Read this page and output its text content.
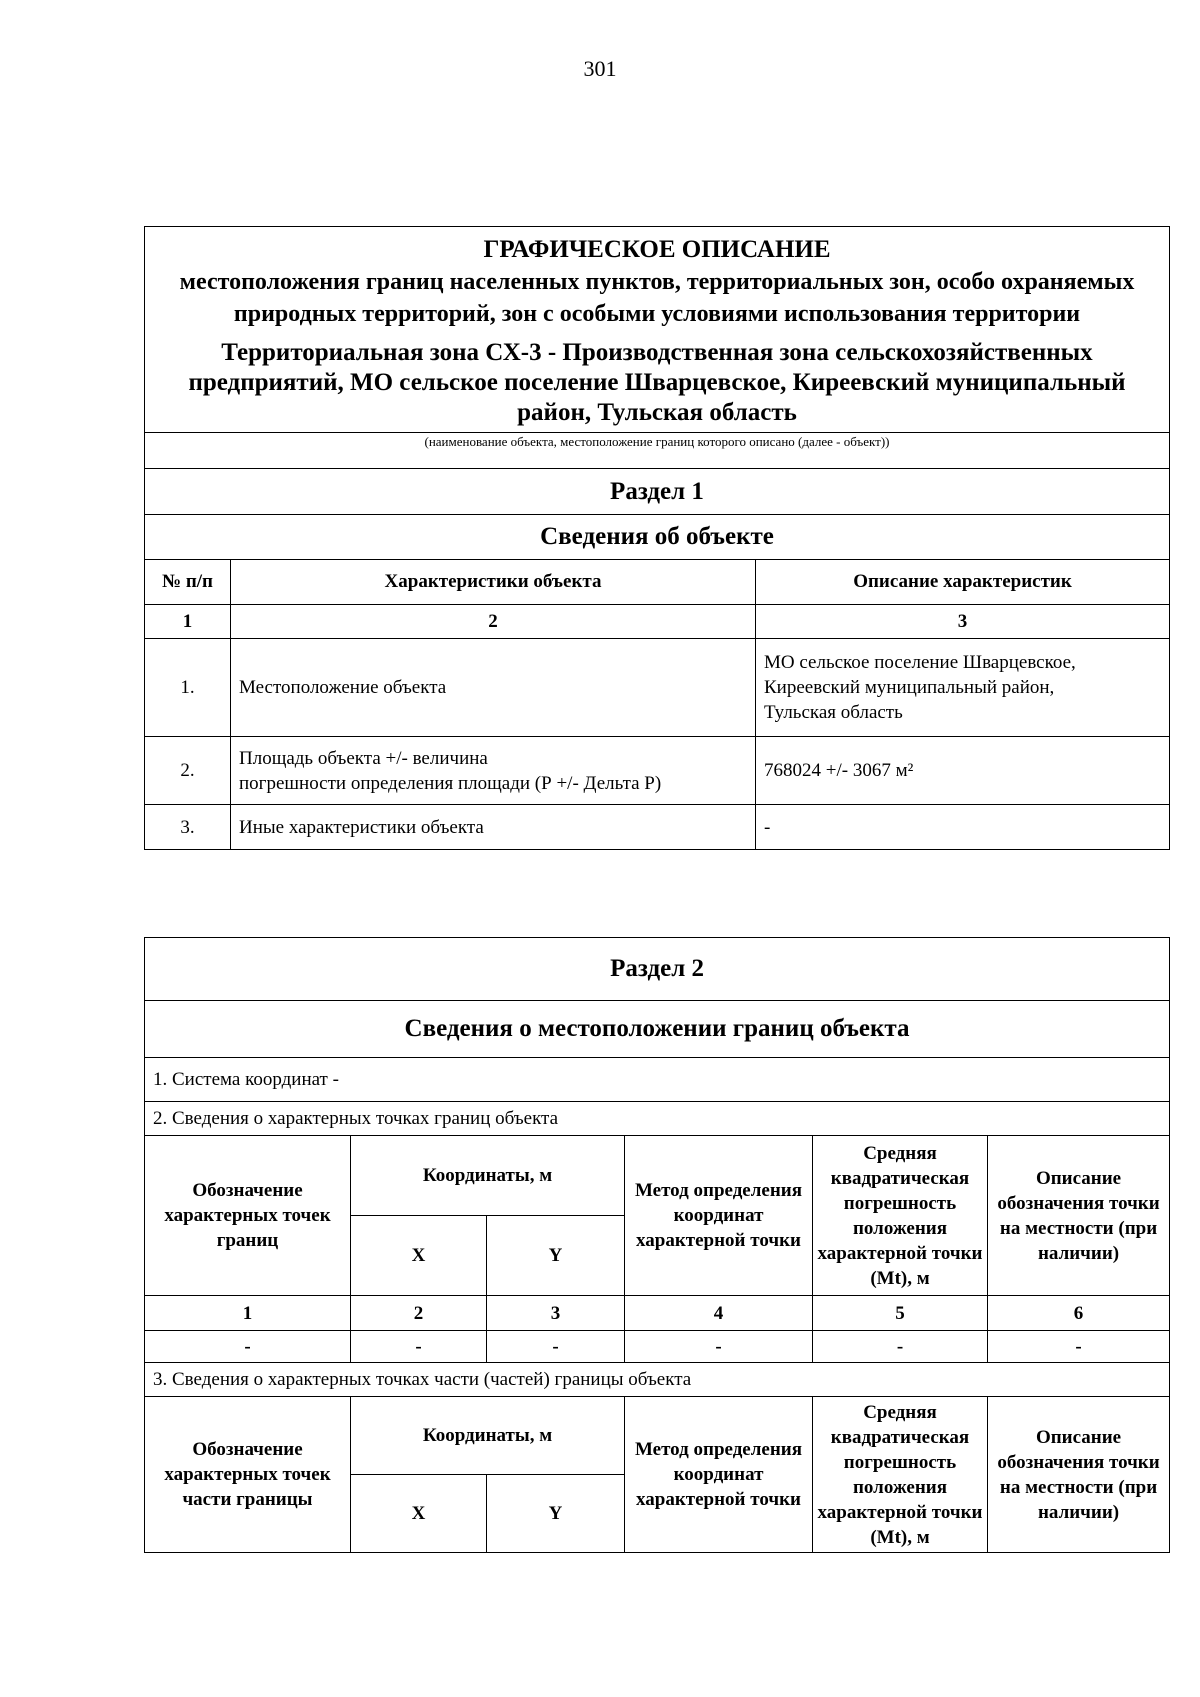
301
ГРАФИЧЕСКОЕ ОПИСАНИЕ
местоположения границ населенных пунктов, территориальных зон, особо охраняемых природных территорий, зон с особыми условиями использования территории
Территориальная зона СХ-3 - Производственная зона сельскохозяйственных предприятий, МО сельское поселение Шварцевское, Киреевский муниципальный район, Тульская область		

(наименование объекта, местоположение границ которого описано (далее - объект))		
Раздел 1		
Сведения об объекте		
№ п/п	Характеристики объекта	Описание характеристик
1	2	3
1.	Местоположение объекта	МО сельское поселение Шварцевское,
Киреевский муниципальный район,
Тульская область

2.	Площадь объекта +/- величина
погрешности определения площади (Р +/- Дельта Р)	768024 +/- 3067 м²
3.	Иные характеристики объекта	-
Раздел 2					
Сведения о местоположении границ объекта					
1. Система координат -					
2. Сведения о характерных точках границ объекта					
Обозначение характерных точек границ	Координаты, м		Метод определения координат характерной точки	Средняя квадратическая погрешность положения характерной точки (Mt), м	Описание обозначения точки на местности (при наличии)
	X	Y			
1	2	3	4	5	6
-	-	-	-	-	-
3. Сведения о характерных точках части (частей) границы объекта					
Обозначение характерных точек части границы	Координаты, м		Метод определения координат характерной точки	Средняя квадратическая погрешность положения характерной точки (Mt), м	Описание обозначения точки на местности (при наличии)
	X	Y			
